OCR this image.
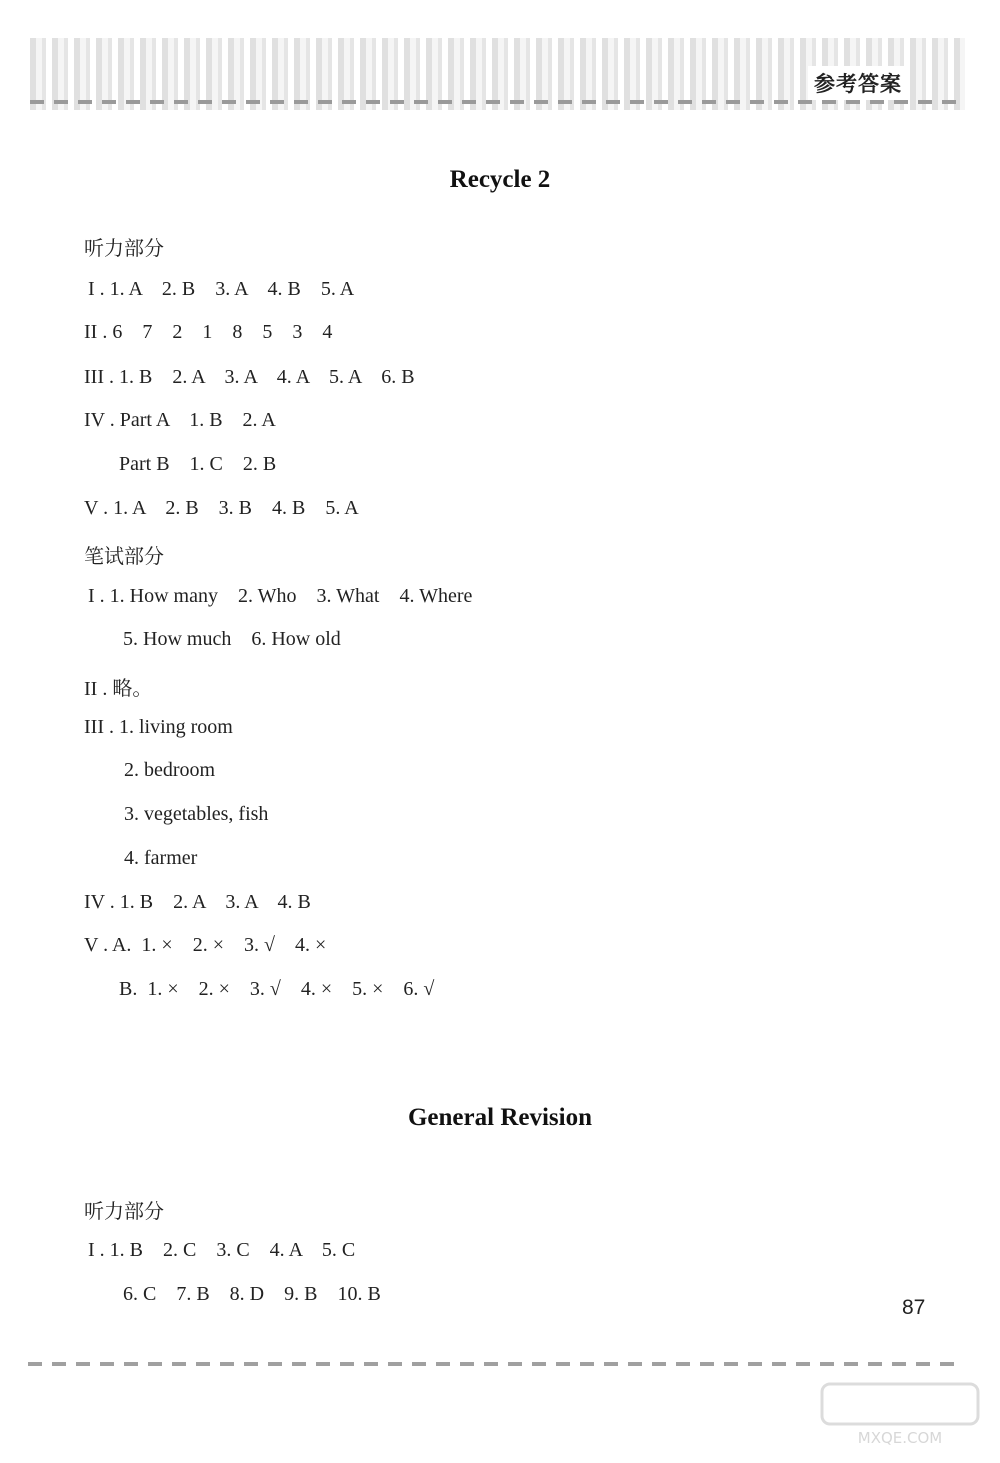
参考答案
Recycle 2
听力部分
I . 1. A    2. B    3. A    4. B    5. A
II . 6    7    2    1    8    5    3    4
III . 1. B    2. A    3. A    4. A    5. A    6. B
IV . Part A    1. B    2. A
Part B    1. C    2. B
V . 1. A    2. B    3. B    4. B    5. A
笔试部分
I . 1. How many    2. Who    3. What    4. Where
5. How much    6. How old
II . 略。
III . 1. living room
2. bedroom
3. vegetables, fish
4. farmer
IV . 1. B    2. A    3. A    4. B
V . A.  1. ×    2. ×    3. √    4. ×
B.  1. ×    2. ×    3. √    4. ×    5. ×    6. √
General Revision
听力部分
I . 1. B    2. C    3. C    4. A    5. C
6. C    7. B    8. D    9. B    10. B
87
MXQE.COM
